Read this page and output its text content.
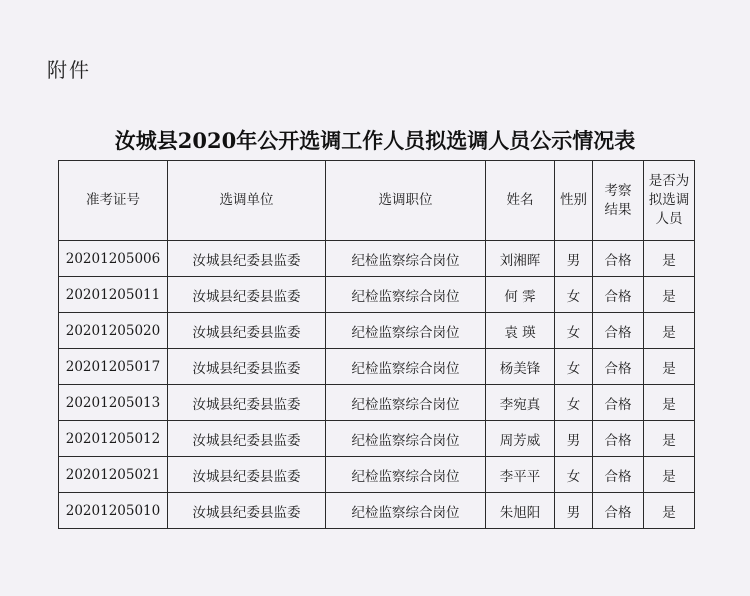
附件
汝城县2020年公开选调工作人员拟选调人员公示情况表
准考证号	选调单位	选调职位	姓名	性别	考察结果	是否为拟选调人员
20201205006	汝城县纪委县监委	纪检监察综合岗位	刘湘晖	男	合格	是
20201205011	汝城县纪委县监委	纪检监察综合岗位	何 霁	女	合格	是
20201205020	汝城县纪委县监委	纪检监察综合岗位	袁 瑛	女	合格	是
20201205017	汝城县纪委县监委	纪检监察综合岗位	杨美锋	女	合格	是
20201205013	汝城县纪委县监委	纪检监察综合岗位	李宛真	女	合格	是
20201205012	汝城县纪委县监委	纪检监察综合岗位	周芳威	男	合格	是
20201205021	汝城县纪委县监委	纪检监察综合岗位	李平平	女	合格	是
20201205010	汝城县纪委县监委	纪检监察综合岗位	朱旭阳	男	合格	是
